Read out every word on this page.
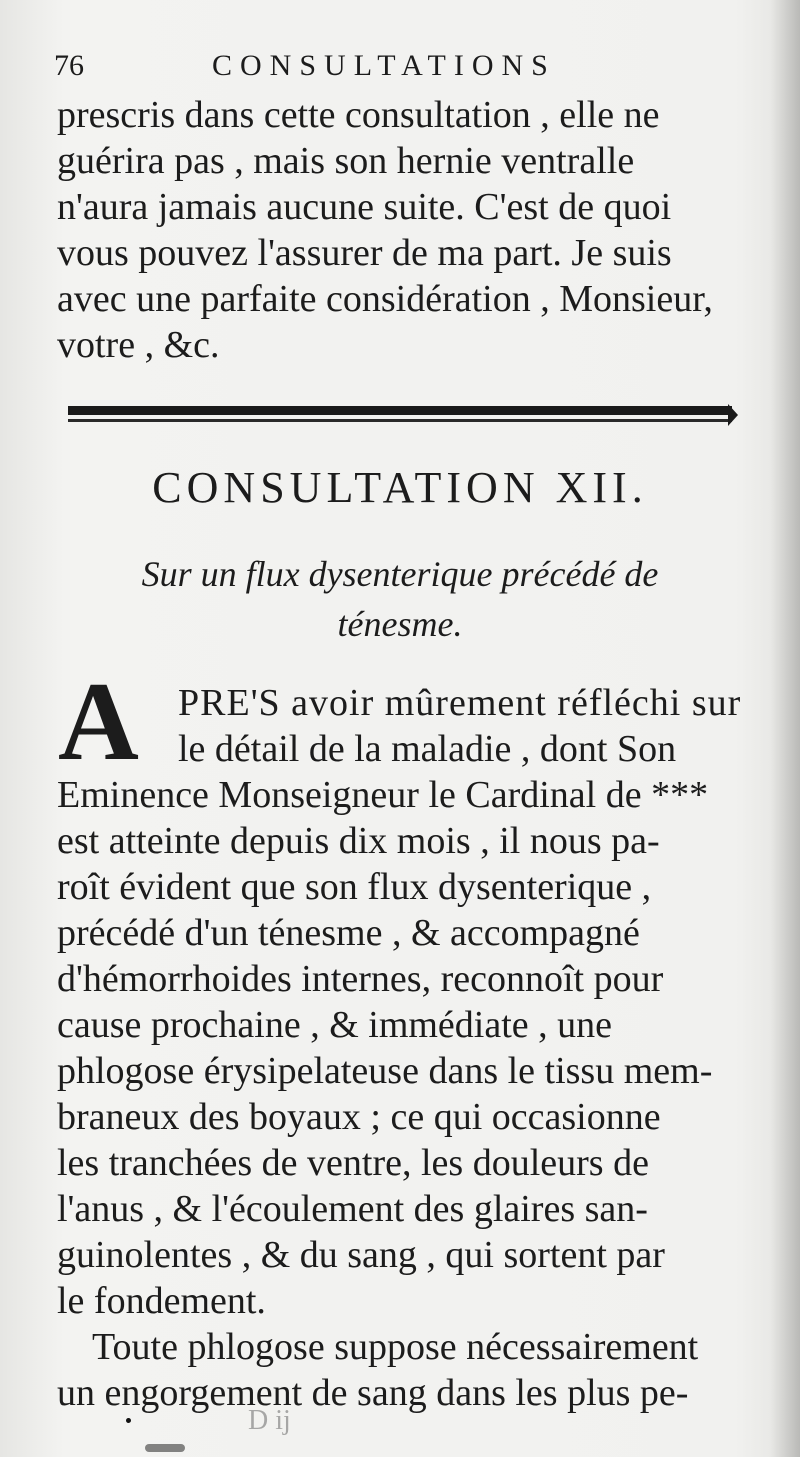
76	CONSULTATIONS
prescris dans cette consultation , elle ne
guérira pas , mais son hernie ventralle
n'aura jamais aucune suite. C'est de quoi
vous pouvez l'assurer de ma part. Je suis
avec une parfaite considération , Monsieur,
votre , &c.
CONSULTATION XII.
Sur un flux dysenterique précédé de
ténesme.
A PRE'S avoir mûrement réfléchi sur
le détail de la maladie , dont Son
Eminence Monseigneur le Cardinal de ***
est atteinte depuis dix mois , il nous pa-
roît évident que son flux dysenterique ,
précédé d'un ténesme , & accompagné
d'hémorrhoides internes, reconnoît pour
cause prochaine , & immédiate , une
phlogose érysipelateuse dans le tissu mem-
braneux des boyaux ; ce qui occasionne
les tranchées de ventre, les douleurs de
l'anus , & l'écoulement des glaires san-
guinolentes , & du sang , qui sortent par
le fondement.
Toute phlogose suppose nécessairement
un engorgement de sang dans les plus pe-
D ij
